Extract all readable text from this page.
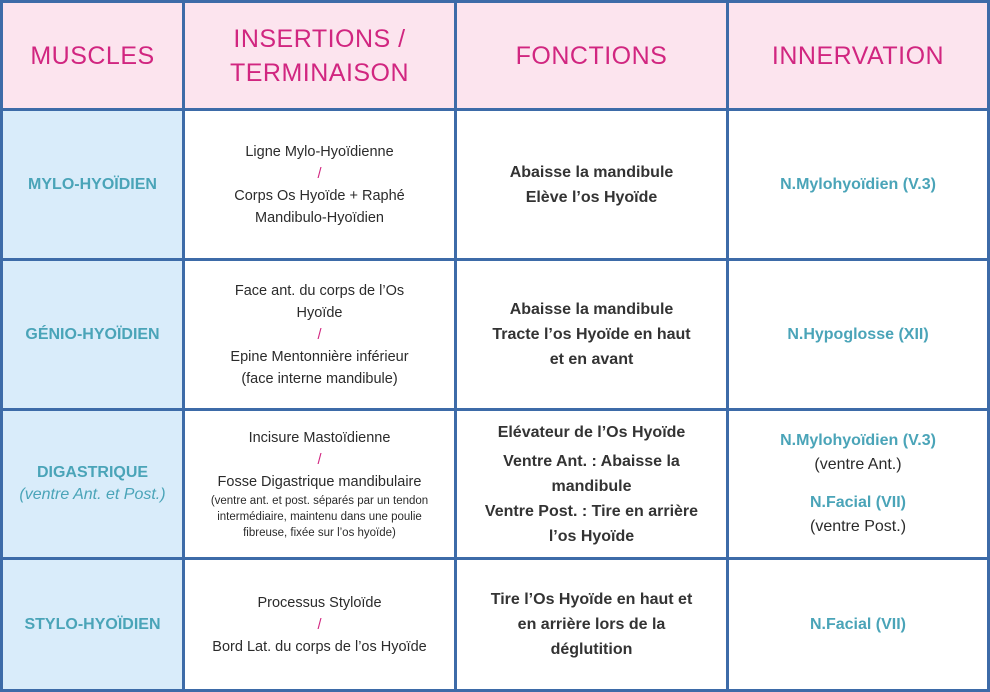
MUSCLES
INSERTIONS /
TERMINAISON
FONCTIONS	INNERVATION
MYLO-HYOÏDIEN
Ligne Mylo-Hyoïdienne
/
Corps Os Hyoïde + Raphé
Mandibulo-Hyoïdien
Abaisse la mandibule
Elève l’os Hyoïde
N.Mylohyoïdien (V.3)
GÉNIO-HYOÏDIEN
Face ant. du corps de l’Os
Hyoïde
/
Epine Mentonnière inférieur
(face interne mandibule)
Abaisse la mandibule
Tracte l’os Hyoïde en haut
et en avant
N.Hypoglosse (XII)
DIGASTRIQUE
(ventre Ant. et Post.)
Incisure Mastoïdienne
/
Fosse Digastrique mandibulaire
(ventre ant. et post. séparés par un tendon
intermédiaire, maintenu dans une poulie
fibreuse, fixée sur l’os hyoïde)
Elévateur de l’Os Hyoïde
Ventre Ant. : Abaisse la
mandibule
Ventre Post. : Tire en arrière
l’os Hyoïde
N.Mylohyoïdien (V.3)
(ventre Ant.)
N.Facial (VII)
(ventre Post.)
STYLO-HYOÏDIEN
Processus Styloïde
/
Bord Lat. du corps de l’os Hyoïde
Tire l’Os Hyoïde en haut et
en arrière lors de la
déglutition
N.Facial (VII)
